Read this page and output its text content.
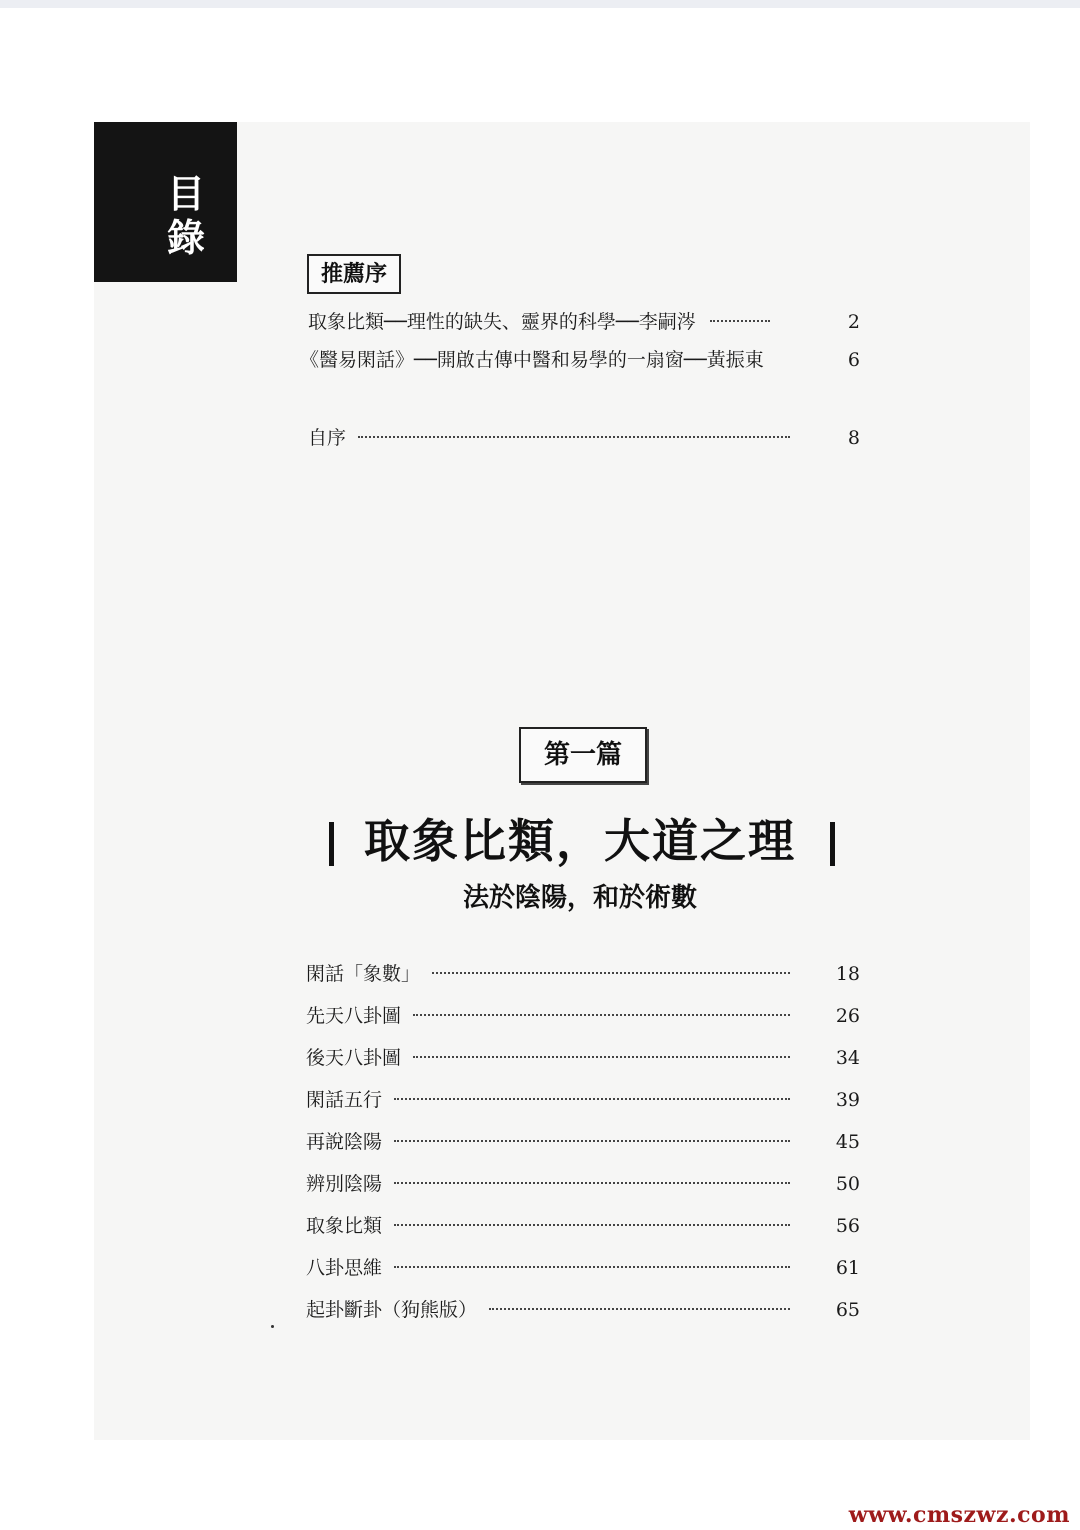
目
錄
推薦序
取象比類──理性的缺失、靈界的科學──李嗣涔	2
《醫易閑話》──開啟古傳中醫和易學的一扇窗──黃振東	6
自序	8
第一篇
取象比類，大道之理
法於陰陽，和於術數
閑話「象數」	18
先天八卦圖	26
後天八卦圖	34
閑話五行	39
再說陰陽	45
辨別陰陽	50
取象比類	56
八卦思維	61
起卦斷卦（狗熊版）	65
www.cmszwz.com
